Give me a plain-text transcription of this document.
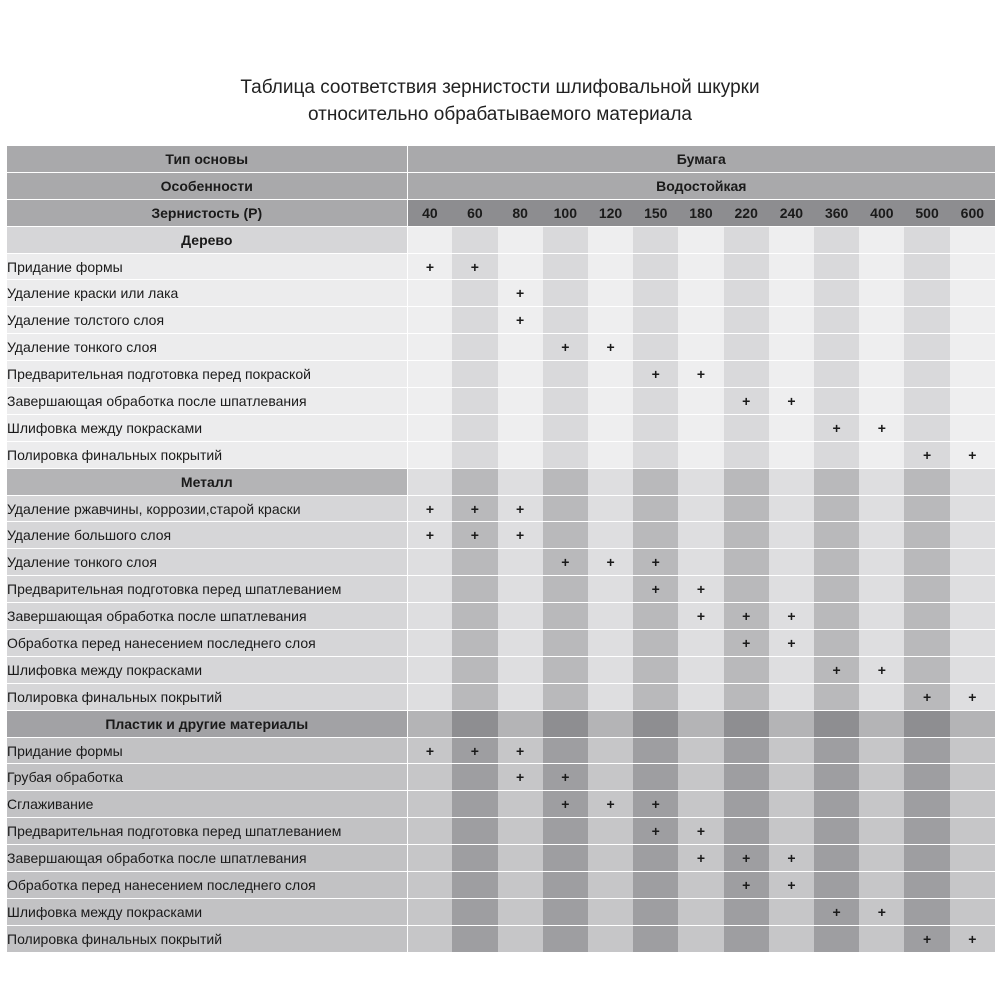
Таблица соответствия зернистости шлифовальной шкурки
относительно обрабатываемого материала
Тип основы	Бумага												
Особенности	Водостойкая												
Зернистость (Р)	40	60	80	100	120	150	180	220	240	360	400	500	600
Дерево													
Придание формы	+	+											
Удаление краски или лака			+										
Удаление толстого слоя			+										
Удаление тонкого слоя				+	+								
Предварительная подготовка перед покраской						+	+						
Завершающая обработка после шпатлевания								+	+				
Шлифовка между покрасками										+	+		
Полировка финальных покрытий												+	+
Металл													
Удаление ржавчины, коррозии,старой краски	+	+	+										
Удаление большого слоя	+	+	+										
Удаление тонкого слоя				+	+	+							
Предварительная подготовка перед шпатлеванием						+	+						
Завершающая обработка после шпатлевания							+	+	+				
Обработка перед нанесением последнего слоя								+	+				
Шлифовка между покрасками										+	+		
Полировка финальных покрытий												+	+
Пластик и другие материалы													
Придание формы	+	+	+										
Грубая обработка			+	+									
Сглаживание				+	+	+							
Предварительная подготовка перед шпатлеванием						+	+						
Завершающая обработка после шпатлевания							+	+	+				
Обработка перед нанесением последнего слоя								+	+				
Шлифовка между покрасками										+	+		
Полировка финальных покрытий												+	+
